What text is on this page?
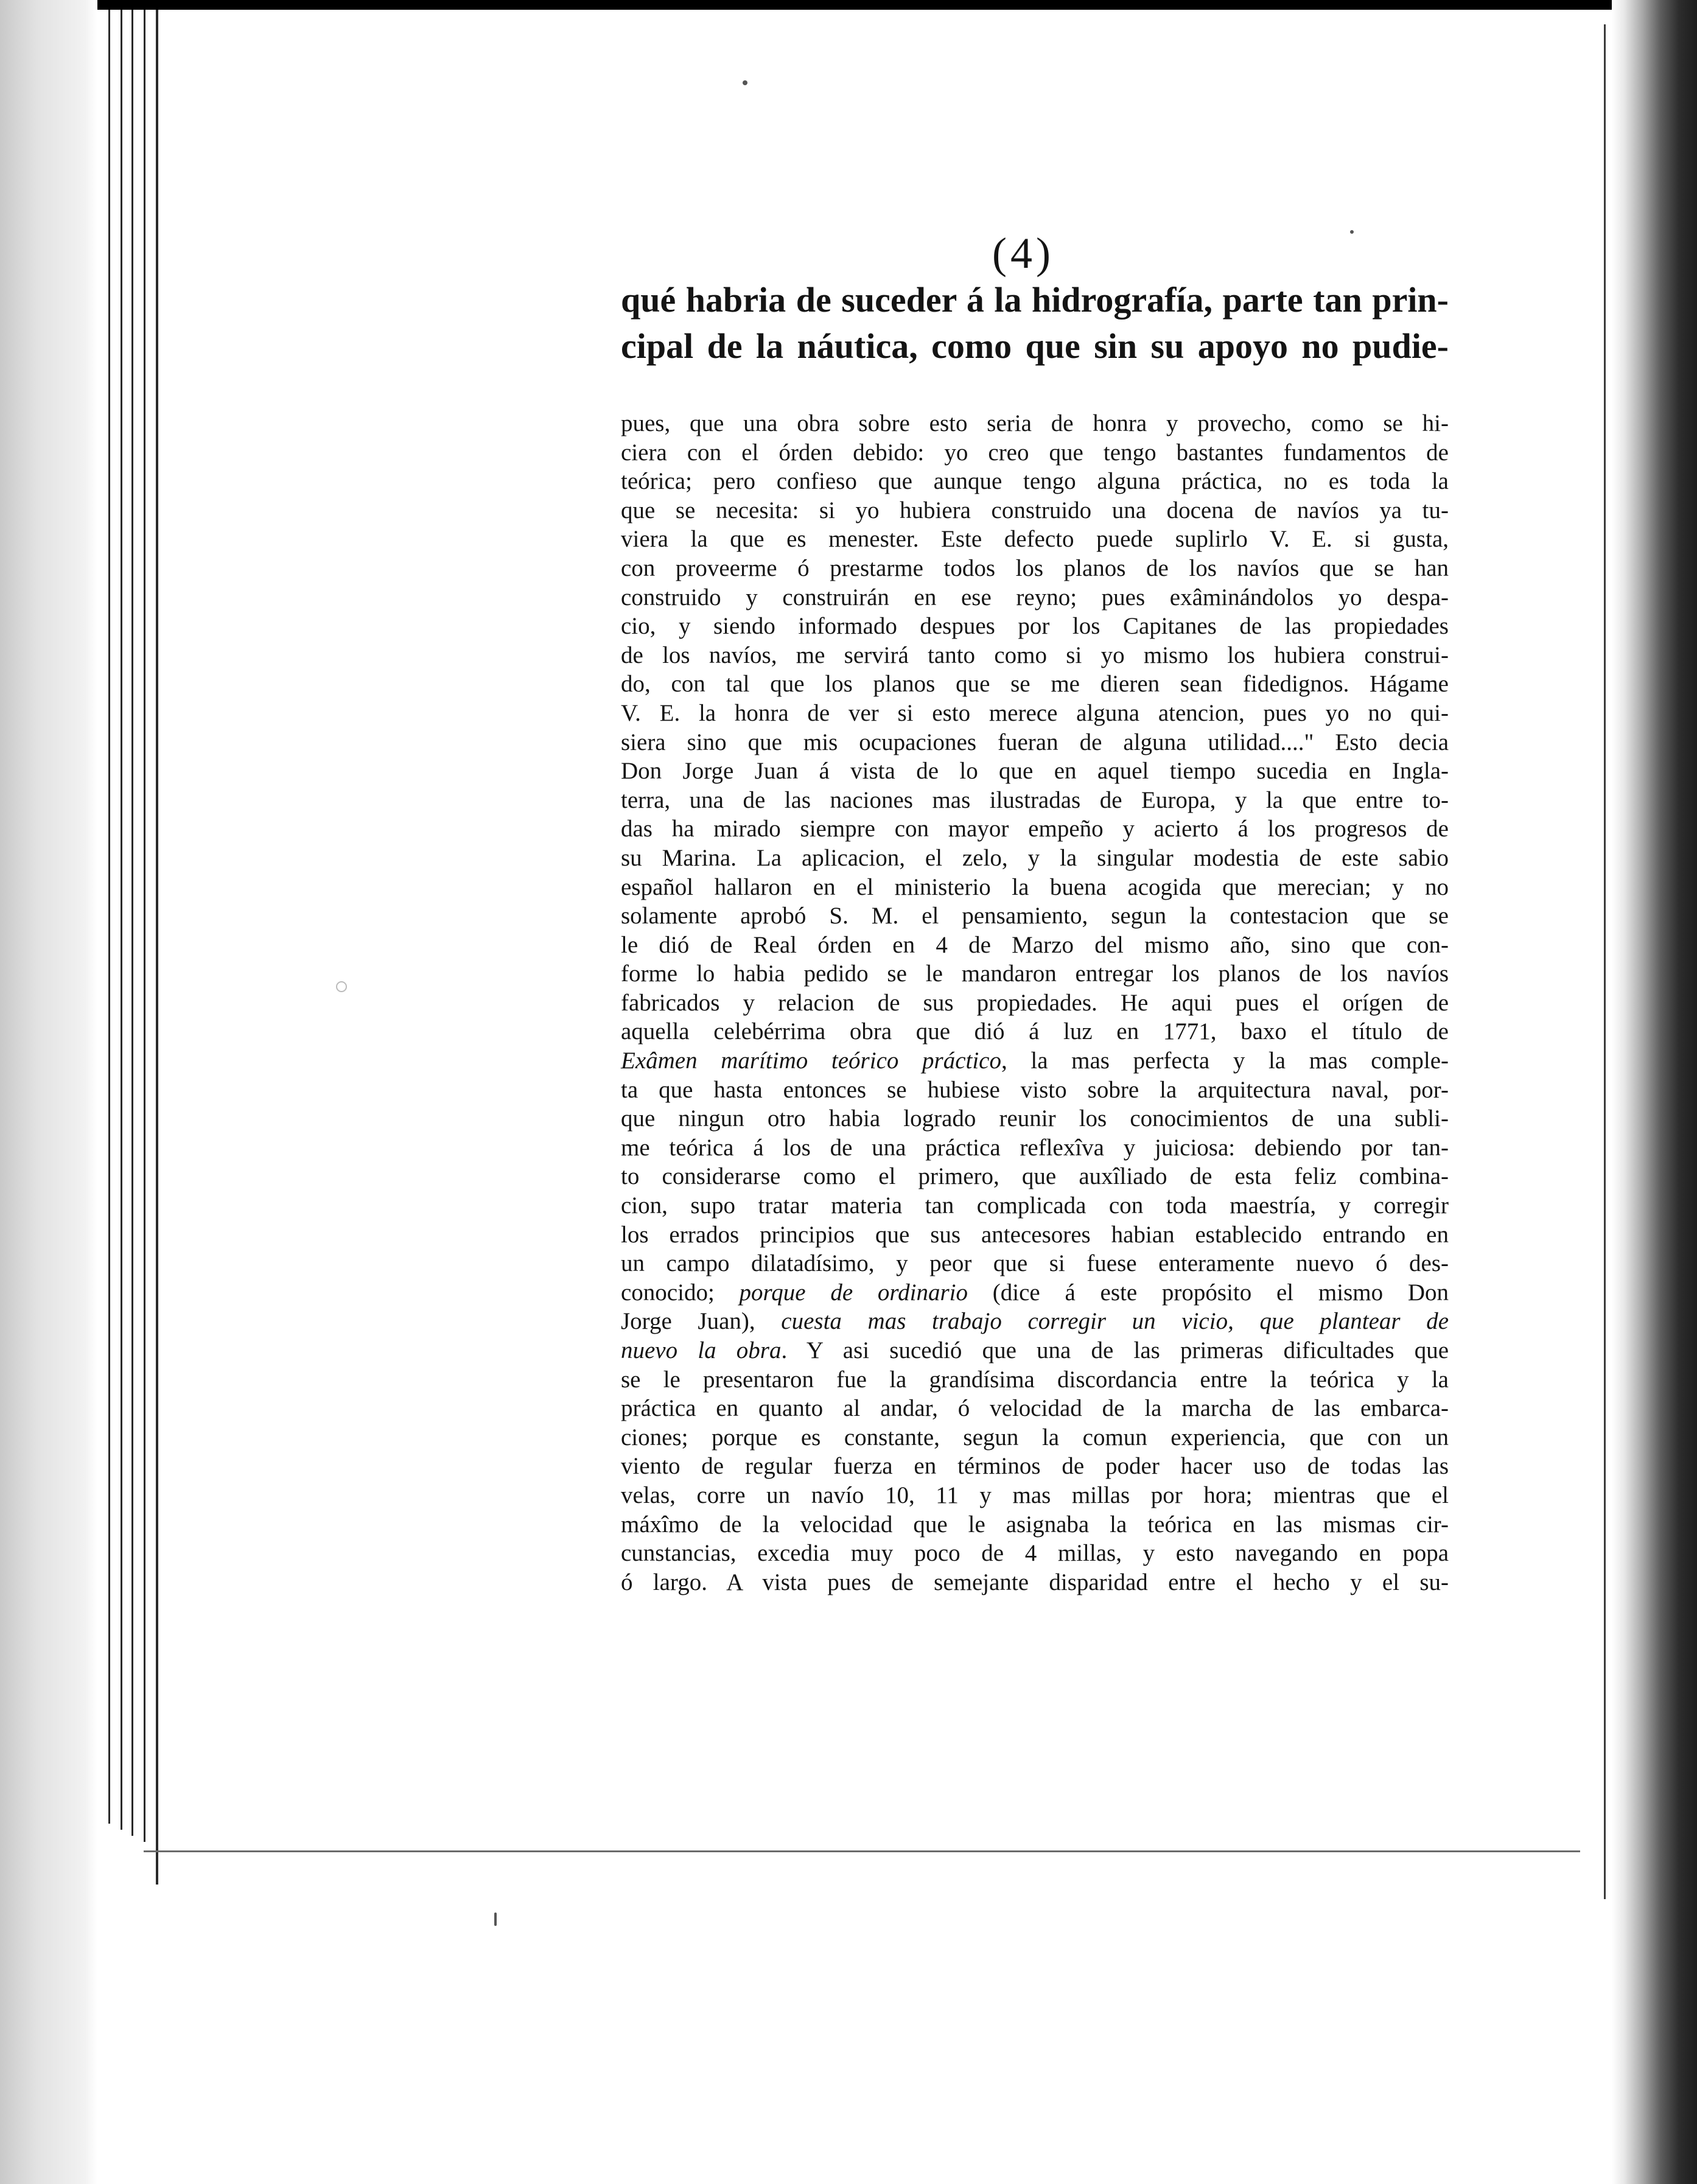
(4)
qué habria de suceder á la hidrografía, parte tan prin-
cipal de la náutica, como que sin su apoyo no pudie-
pues, que una obra sobre esto seria de honra y provecho, como se hi-
ciera con el órden debido: yo creo que tengo bastantes fundamentos de
teórica; pero confieso que aunque tengo alguna práctica, no es toda la
que se necesita: si yo hubiera construido una docena de navíos ya tu-
viera la que es menester. Este defecto puede suplirlo V. E. si gusta,
con proveerme ó prestarme todos los planos de los navíos que se han
construido y construirán en ese reyno; pues exâminándolos yo despa-
cio, y siendo informado despues por los Capitanes de las propiedades
de los navíos, me servirá tanto como si yo mismo los hubiera construi-
do, con tal que los planos que se me dieren sean fidedignos. Hágame
V. E. la honra de ver si esto merece alguna atencion, pues yo no qui-
siera sino que mis ocupaciones fueran de alguna utilidad...." Esto decia
Don Jorge Juan á vista de lo que en aquel tiempo sucedia en Ingla-
terra, una de las naciones mas ilustradas de Europa, y la que entre to-
das ha mirado siempre con mayor empeño y acierto á los progresos de
su Marina. La aplicacion, el zelo, y la singular modestia de este sabio
español hallaron en el ministerio la buena acogida que merecian; y no
solamente aprobó S. M. el pensamiento, segun la contestacion que se
le dió de Real órden en 4 de Marzo del mismo año, sino que con-
forme lo habia pedido se le mandaron entregar los planos de los navíos
fabricados y relacion de sus propiedades. He aqui pues el orígen de
aquella celebérrima obra que dió á luz en 1771, baxo el título de
Exâmen marítimo teórico práctico, la mas perfecta y la mas comple-
ta que hasta entonces se hubiese visto sobre la arquitectura naval, por-
que ningun otro habia logrado reunir los conocimientos de una subli-
me teórica á los de una práctica reflexîva y juiciosa: debiendo por tan-
to considerarse como el primero, que auxîliado de esta feliz combina-
cion, supo tratar materia tan complicada con toda maestría, y corregir
los errados principios que sus antecesores habian establecido entrando en
un campo dilatadísimo, y peor que si fuese enteramente nuevo ó des-
conocido; porque de ordinario (dice á este propósito el mismo Don
Jorge Juan), cuesta mas trabajo corregir un vicio, que plantear de
nuevo la obra. Y asi sucedió que una de las primeras dificultades que
se le presentaron fue la grandísima discordancia entre la teórica y la
práctica en quanto al andar, ó velocidad de la marcha de las embarca-
ciones; porque es constante, segun la comun experiencia, que con un
viento de regular fuerza en términos de poder hacer uso de todas las
velas, corre un navío 10, 11 y mas millas por hora; mientras que el
máxîmo de la velocidad que le asignaba la teórica en las mismas cir-
cunstancias, excedia muy poco de 4 millas, y esto navegando en popa
ó largo. A vista pues de semejante disparidad entre el hecho y el su-
